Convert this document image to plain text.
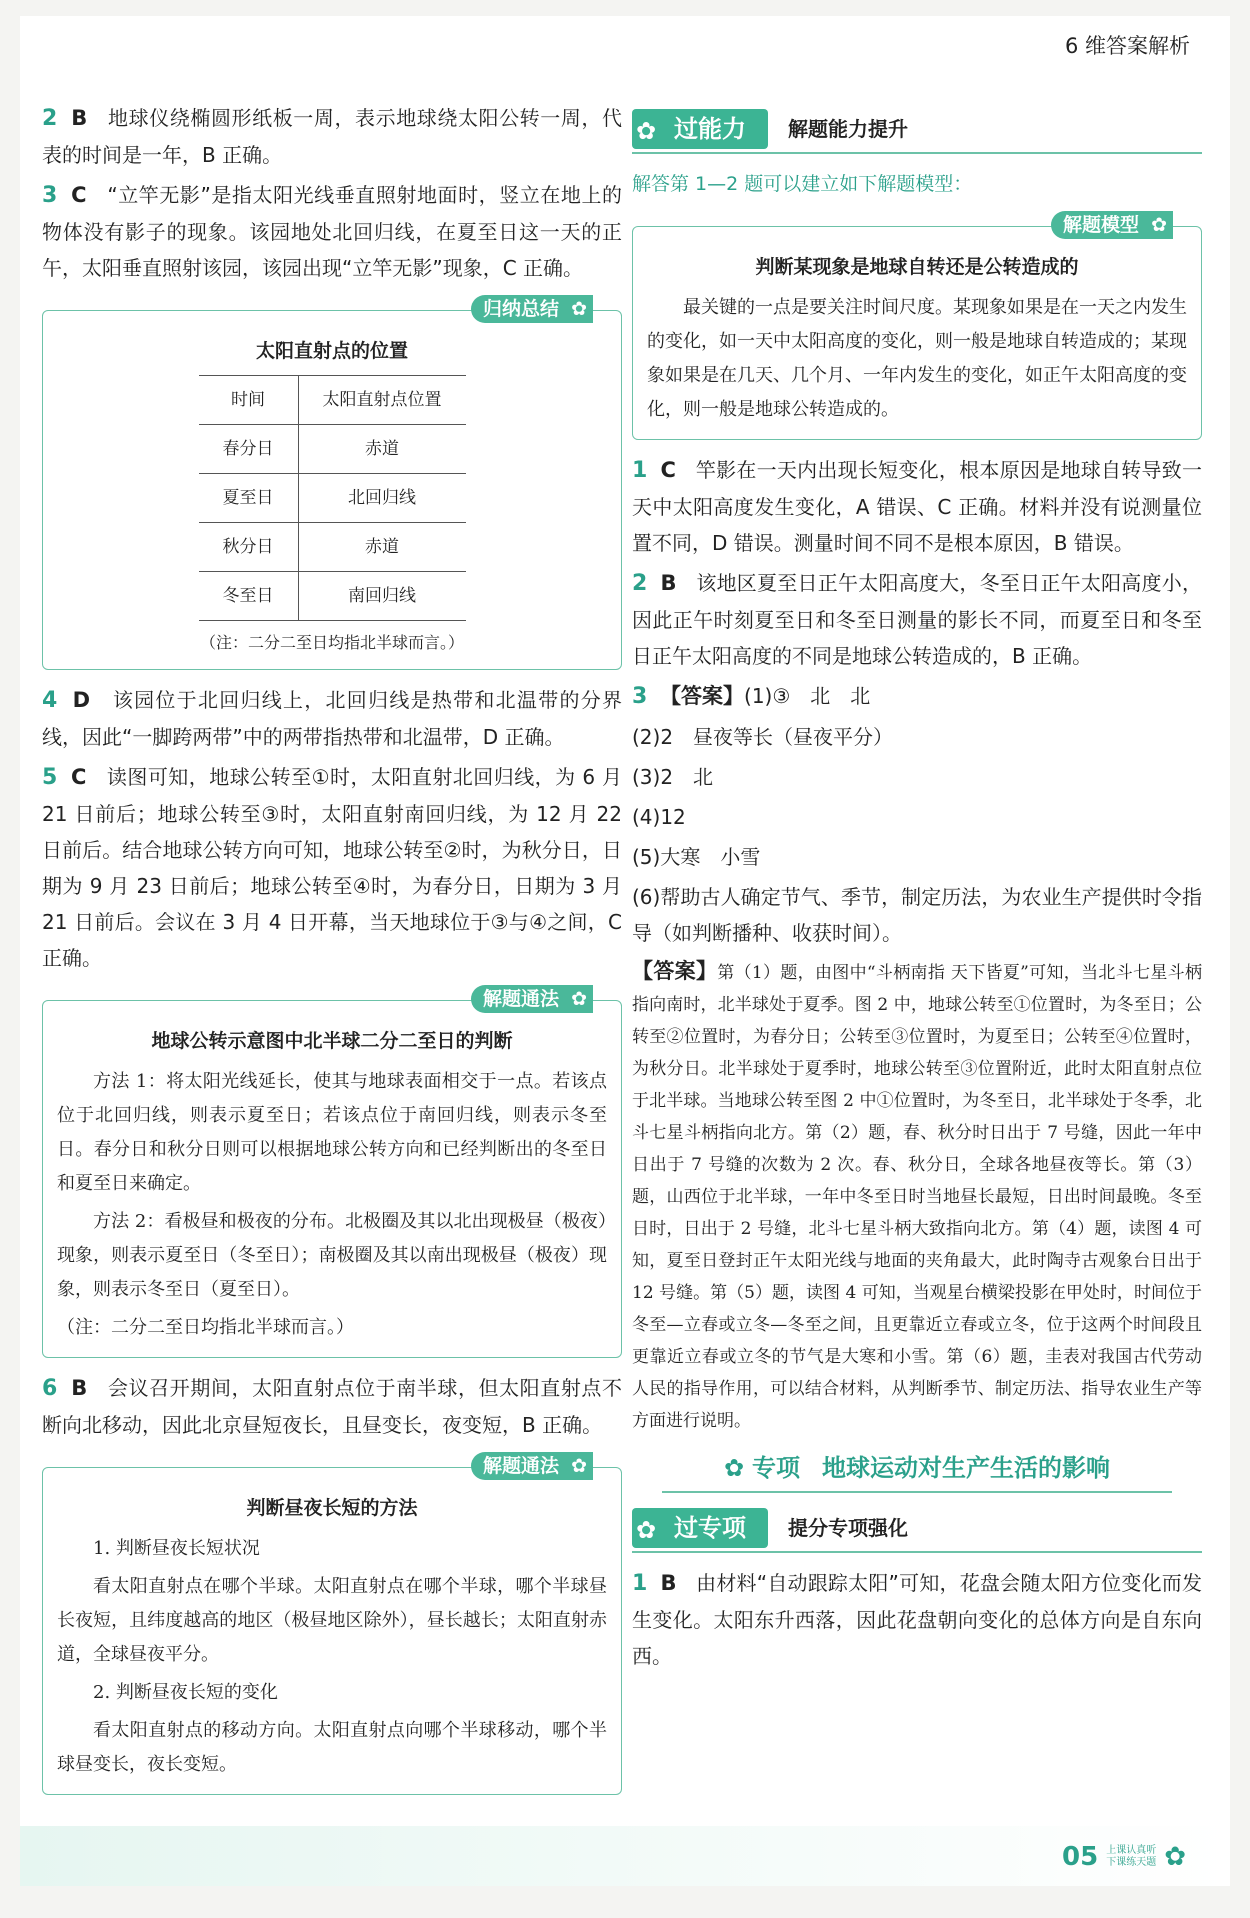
6 维答案解析

2 B 地球仪绕椭圆形纸板一周，表示地球绕太阳公转一周，代表的时间是一年，B 正确。

3 C “立竿无影”是指太阳光线垂直照射地面时，竖立在地上的物体没有影子的现象。该园地处北回归线，在夏至日这一天的正午，太阳垂直照射该园，该园出现“立竿无影”现象，C 正确。

归纳总结 ✿
太阳直射点的位置
时间	太阳直射点位置
春分日	赤道
夏至日	北回归线
秋分日	赤道
冬至日	南回归线
（注：二分二至日均指北半球而言。）

4 D 该园位于北回归线上，北回归线是热带和北温带的分界线，因此“一脚跨两带”中的两带指热带和北温带，D 正确。

5 C 读图可知，地球公转至①时，太阳直射北回归线，为 6 月 21 日前后；地球公转至③时，太阳直射南回归线，为 12 月 22 日前后。结合地球公转方向可知，地球公转至②时，为秋分日，日期为 9 月 23 日前后；地球公转至④时，为春分日，日期为 3 月 21 日前后。会议在 3 月 4 日开幕，当天地球位于③与④之间，C 正确。

解题通法 ✿
地球公转示意图中北半球二分二至日的判断

方法 1：将太阳光线延长，使其与地球表面相交于一点。若该点位于北回归线，则表示夏至日；若该点位于南回归线，则表示冬至日。春分日和秋分日则可以根据地球公转方向和已经判断出的冬至日和夏至日来确定。

方法 2：看极昼和极夜的分布。北极圈及其以北出现极昼（极夜）现象，则表示夏至日（冬至日）；南极圈及其以南出现极昼（极夜）现象，则表示冬至日（夏至日）。

（注：二分二至日均指北半球而言。）

6 B 会议召开期间，太阳直射点位于南半球，但太阳直射点不断向北移动，因此北京昼短夜长，且昼变长，夜变短，B 正确。

解题通法 ✿
判断昼夜长短的方法

1. 判断昼夜长短状况

看太阳直射点在哪个半球。太阳直射点在哪个半球，哪个半球昼长夜短，且纬度越高的地区（极昼地区除外），昼长越长；太阳直射赤道，全球昼夜平分。

2. 判断昼夜长短的变化

看太阳直射点的移动方向。太阳直射点向哪个半球移动，哪个半球昼变长，夜长变短。

✿ 过能力	解题能力提升

解答第 1—2 题可以建立如下解题模型：

解题模型 ✿
判断某现象是地球自转还是公转造成的

最关键的一点是要关注时间尺度。某现象如果是在一天之内发生的变化，如一天中太阳高度的变化，则一般是地球自转造成的；某现象如果是在几天、几个月、一年内发生的变化，如正午太阳高度的变化，则一般是地球公转造成的。

1 C 竿影在一天内出现长短变化，根本原因是地球自转导致一天中太阳高度发生变化，A 错误、C 正确。材料并没有说测量位置不同，D 错误。测量时间不同不是根本原因，B 错误。

2 B 该地区夏至日正午太阳高度大，冬至日正午太阳高度小，因此正午时刻夏至日和冬至日测量的影长不同，而夏至日和冬至日正午太阳高度的不同是地球公转造成的，B 正确。

3 【答案】(1)③　北　北

(2)2　昼夜等长（昼夜平分）

(3)2　北

(4)12

(5)大寒　小雪

(6)帮助古人确定节气、季节，制定历法，为农业生产提供时令指导（如判断播种、收获时间）。

【答案】第（1）题，由图中“斗柄南指 天下皆夏”可知，当北斗七星斗柄指向南时，北半球处于夏季。图 2 中，地球公转至①位置时，为冬至日；公转至②位置时，为春分日；公转至③位置时，为夏至日；公转至④位置时，为秋分日。北半球处于夏季时，地球公转至③位置附近，此时太阳直射点位于北半球。当地球公转至图 2 中①位置时，为冬至日，北半球处于冬季，北斗七星斗柄指向北方。第（2）题，春、秋分时日出于 7 号缝，因此一年中日出于 7 号缝的次数为 2 次。春、秋分日，全球各地昼夜等长。第（3）题，山西位于北半球，一年中冬至日时当地昼长最短，日出时间最晚。冬至日时，日出于 2 号缝，北斗七星斗柄大致指向北方。第（4）题，读图 4 可知，夏至日登封正午太阳光线与地面的夹角最大，此时陶寺古观象台日出于 12 号缝。第（5）题，读图 4 可知，当观星台横梁投影在甲处时，时间位于冬至—立春或立冬—冬至之间，且更靠近立春或立冬，位于这两个时间段且更靠近立春或立冬的节气是大寒和小雪。第（6）题，圭表对我国古代劳动人民的指导作用，可以结合材料，从判断季节、制定历法、指导农业生产等方面进行说明。

✿ 专项 地球运动对生产生活的影响
✿ 过专项	提分专项强化

1 B 由材料“自动跟踪太阳”可知，花盘会随太阳方位变化而发生变化。太阳东升西落，因此花盘朝向变化的总体方向是自东向西。

05 上课认真听
下课练天题 ✿
